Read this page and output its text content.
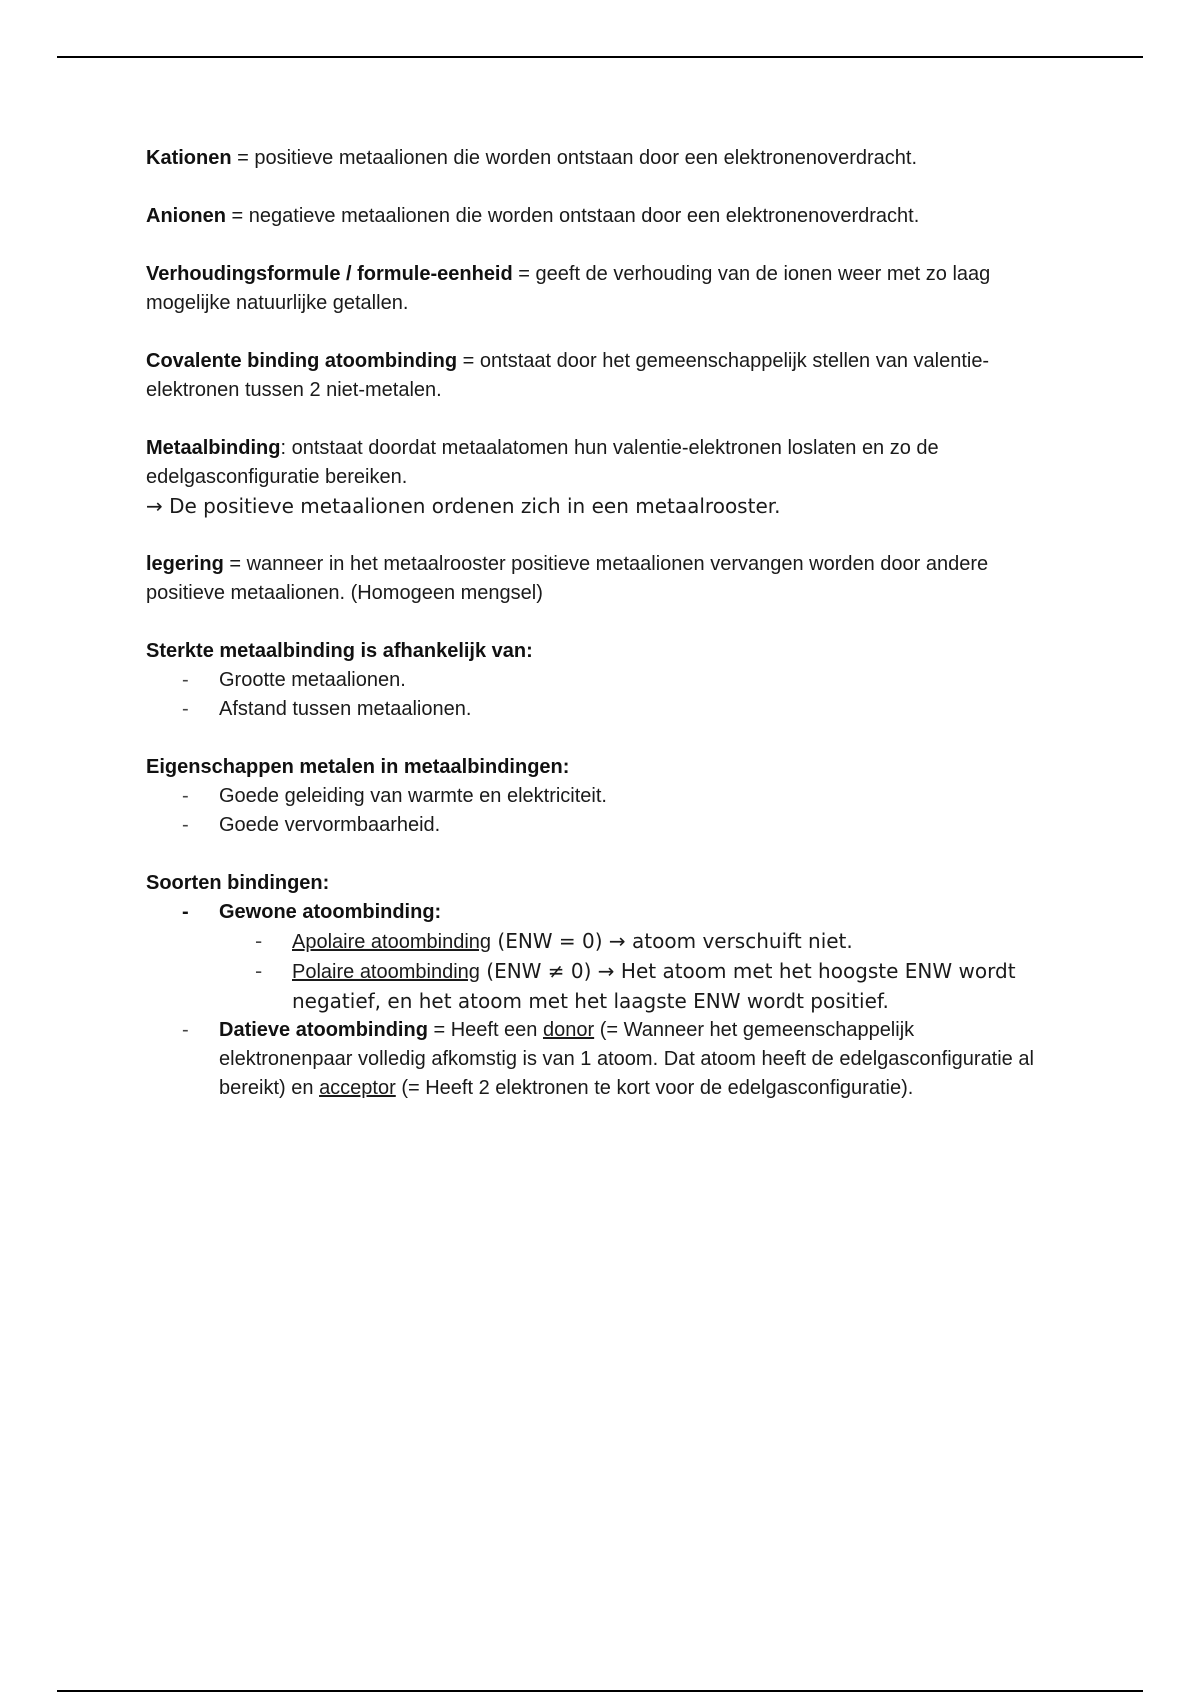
Kationen = positieve metaalionen die worden ontstaan door een elektronenoverdracht.

Anionen = negatieve metaalionen die worden ontstaan door een elektronenoverdracht.

Verhoudingsformule / formule-eenheid = geeft de verhouding van de ionen weer met zo laag mogelijke natuurlijke getallen.

Covalente binding atoombinding = ontstaat door het gemeenschappelijk stellen van valentie-elektronen tussen 2 niet-metalen.

Metaalbinding: ontstaat doordat metaalatomen hun valentie-elektronen loslaten en zo de edelgasconfiguratie bereiken.

→ De positieve metaalionen ordenen zich in een metaalrooster.

legering = wanneer in het metaalrooster positieve metaalionen vervangen worden door andere positieve metaalionen. (Homogeen mengsel)

Sterkte metaalbinding is afhankelijk van:

- Grootte metaalionen.
- Afstand tussen metaalionen.

Eigenschappen metalen in metaalbindingen:

- Goede geleiding van warmte en elektriciteit.
- Goede vervormbaarheid.

Soorten bindingen:

- Gewone atoombinding:
- Apolaire atoombinding (ENW = 0) → atoom verschuift niet.
- Polaire atoombinding (ENW ≠ 0) → Het atoom met het hoogste ENW wordt negatief, en het atoom met het laagste ENW wordt positief.
- Datieve atoombinding = Heeft een donor (= Wanneer het gemeenschappelijk elektronenpaar volledig afkomstig is van 1 atoom. Dat atoom heeft de edelgasconfiguratie al bereikt) en acceptor (= Heeft 2 elektronen te kort voor de edelgasconfiguratie).
